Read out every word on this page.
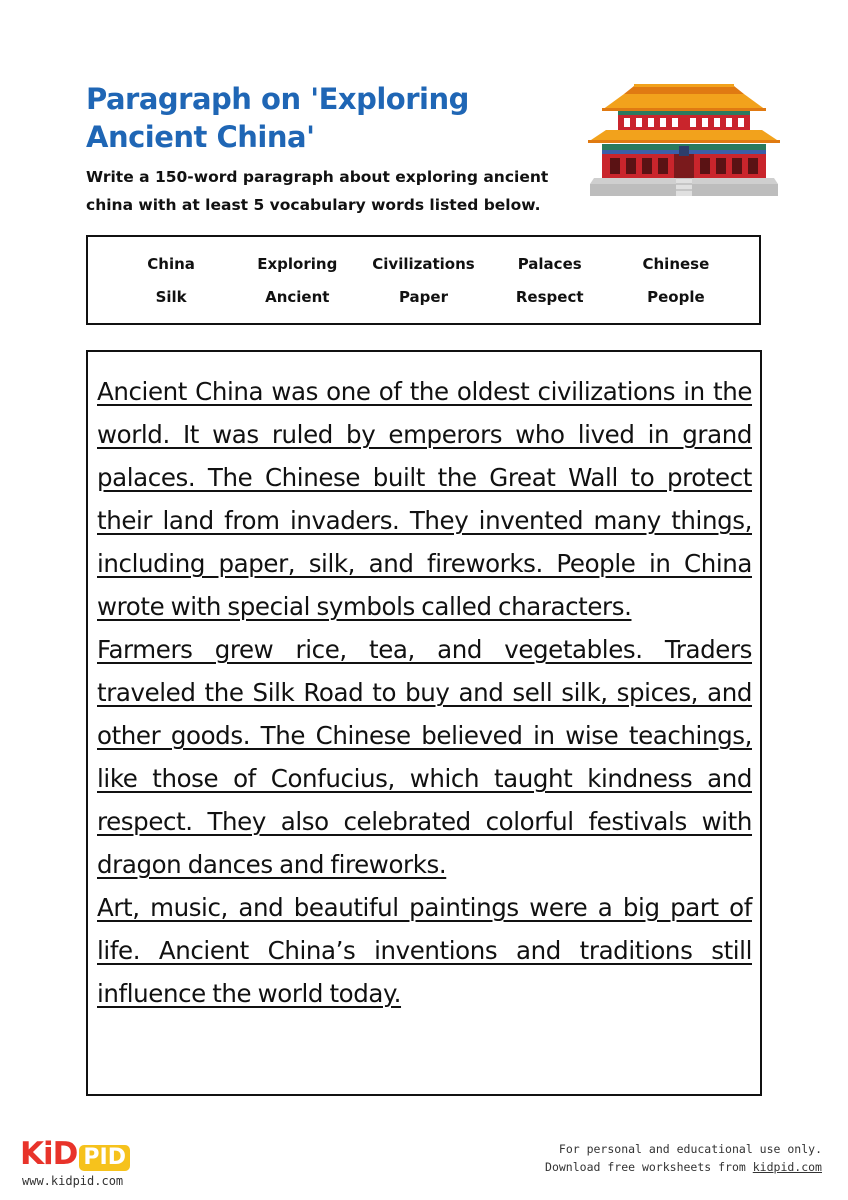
Paragraph on 'Exploring Ancient China'
Write a 150-word paragraph about exploring ancient china with at least 5 vocabulary words listed below.
China	Exploring	Civilizations	Palaces	Chinese
Silk	Ancient	Paper	Respect	People

Ancient China was one of the oldest civilizations in the world. It was ruled by emperors who lived in grand palaces. The Chinese built the Great Wall to protect their land from invaders. They invented many things, including paper, silk, and fireworks. People in China wrote with special symbols called characters.

Farmers grew rice, tea, and vegetables. Traders traveled the Silk Road to buy and sell silk, spices, and other goods. The Chinese believed in wise teachings, like those of Confucius, which taught kindness and respect. They also celebrated colorful festivals with dragon dances and fireworks.

Art, music, and beautiful paintings were a big part of life. Ancient China’s inventions and traditions still influence the world today.

KiD PID
www.kidpid.com
For personal and educational use only.
Download free worksheets from kidpid.com
